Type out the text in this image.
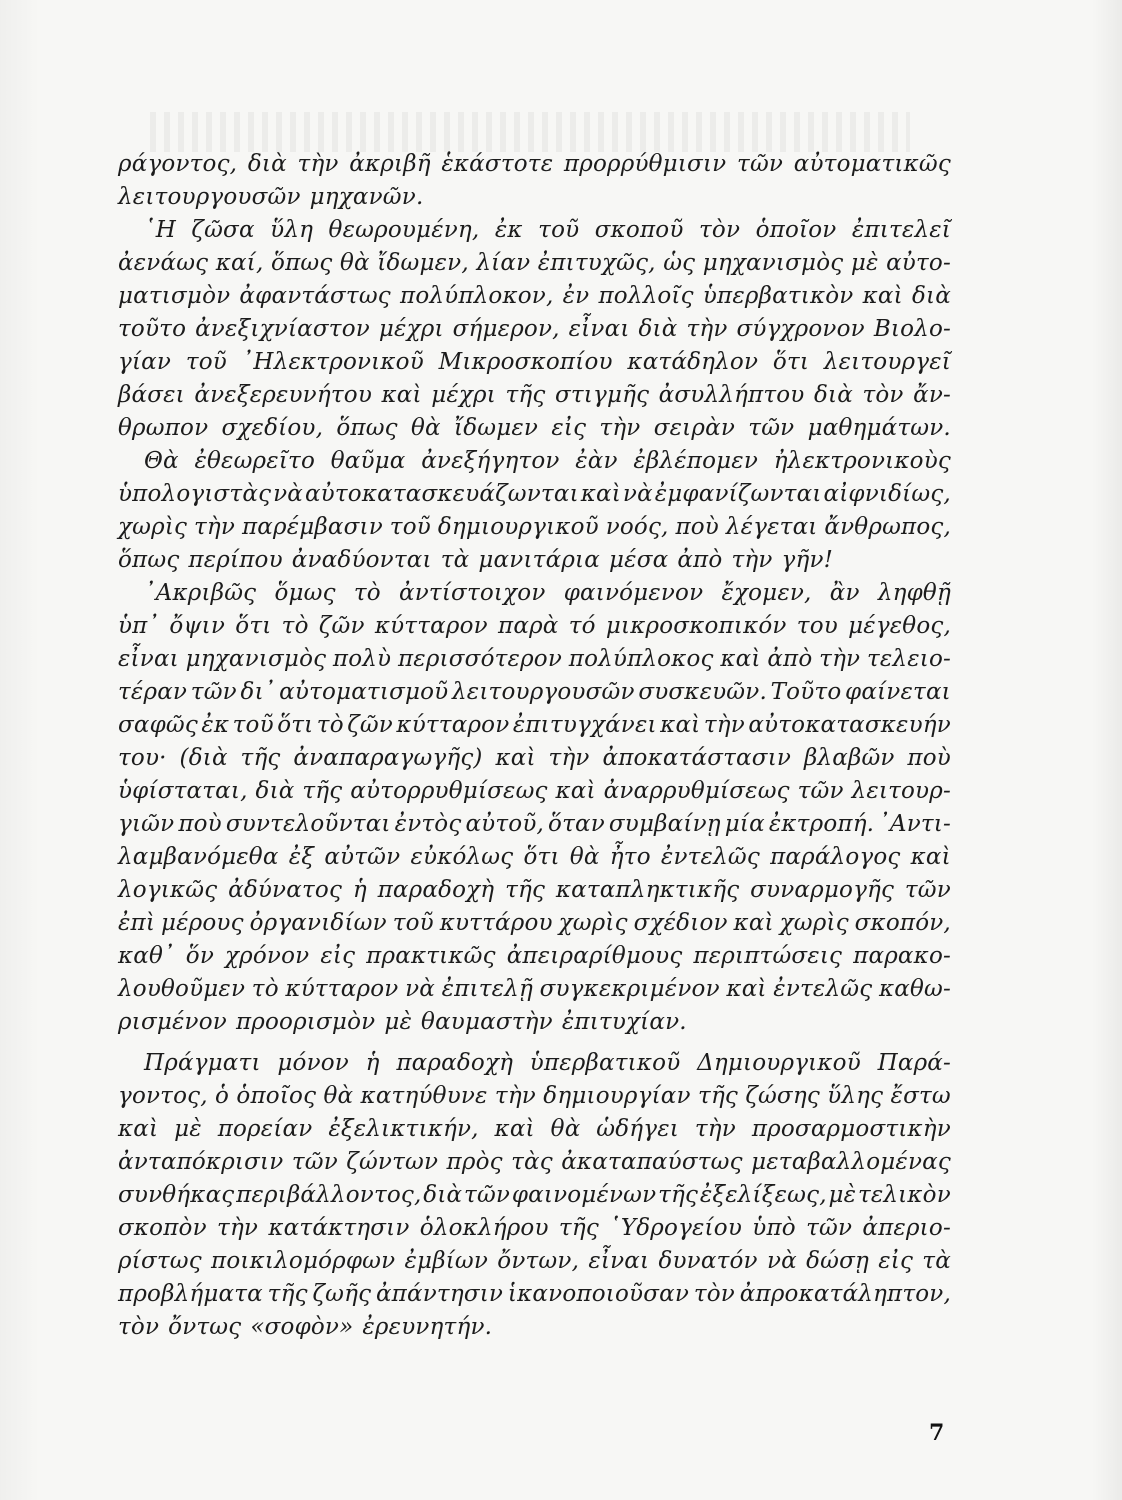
ράγοντος, διὰ τὴν ἀκριβῆ ἑκάστοτε προρρύθμισιν τῶν αὐτοματικῶς
λειτουργουσῶν μηχανῶν.
῾Η ζῶσα ὕλη θεωρουμένη, ἐκ τοῦ σκοποῦ τὸν ὁποῖον ἐπιτελεῖ
ἀενάως καί, ὅπως θὰ ἴδωμεν, λίαν ἐπιτυχῶς, ὡς μηχανισμὸς μὲ αὐτο-
ματισμὸν ἀφαντάστως πολύπλοκον, ἐν πολλοῖς ὑπερβατικὸν καὶ διὰ
τοῦτο ἀνεξιχνίαστον μέχρι σήμερον, εἶναι διὰ τὴν σύγχρονον Βιολο-
γίαν τοῦ ᾿Ηλεκτρονικοῦ Μικροσκοπίου κατάδηλον ὅτι λειτουργεῖ
βάσει ἀνεξερευνήτου καὶ μέχρι τῆς στιγμῆς ἀσυλλήπτου διὰ τὸν ἄν-
θρωπον σχεδίου, ὅπως θὰ ἴδωμεν εἰς τὴν σειρὰν τῶν μαθημάτων.
Θὰ ἐθεωρεῖτο θαῦμα ἀνεξήγητον ἐὰν ἐβλέπομεν ἠλεκτρονικοὺς
ὑπολογιστὰς νὰ αὐτοκατασκευάζωνται καὶ νὰ ἐμφανίζωνται αἰφνιδίως,
χωρὶς τὴν παρέμβασιν τοῦ δημιουργικοῦ νοός, ποὺ λέγεται ἄνθρωπος,
ὅπως περίπου ἀναδύονται τὰ μανιτάρια μέσα ἀπὸ τὴν γῆν!
᾿Ακριβῶς ὅμως τὸ ἀντίστοιχον φαινόμενον ἔχομεν, ἂν ληφθῇ
ὑπ᾿ ὄψιν ὅτι τὸ ζῶν κύτταρον παρὰ τό μικροσκοπικόν του μέγεθος,
εἶναι μηχανισμὸς πολὺ περισσότερον πολύπλοκος καὶ ἀπὸ τὴν τελειο-
τέραν τῶν δι᾿ αὐτοματισμοῦ λειτουργουσῶν συσκευῶν. Τοῦτο φαίνεται
σαφῶς ἐκ τοῦ ὅτι τὸ ζῶν κύτταρον ἐπιτυγχάνει καὶ τὴν αὐτοκατασκευήν
του· (διὰ τῆς ἀναπαραγωγῆς) καὶ τὴν ἀποκατάστασιν βλαβῶν ποὺ
ὑφίσταται, διὰ τῆς αὐτορρυθμίσεως καὶ ἀναρρυθμίσεως τῶν λειτουρ-
γιῶν ποὺ συντελοῦνται ἐντὸς αὐτοῦ, ὅταν συμβαίνῃ μία ἐκτροπή. ᾿Αντι-
λαμβανόμεθα ἐξ αὐτῶν εὐκόλως ὅτι θὰ ἦτο ἐντελῶς παράλογος καὶ
λογικῶς ἀδύνατος ἡ παραδοχὴ τῆς καταπληκτικῆς συναρμογῆς τῶν
ἐπὶ μέρους ὀργανιδίων τοῦ κυττάρου χωρὶς σχέδιον καὶ χωρὶς σκοπόν,
καθ᾿ ὅν χρόνον εἰς πρακτικῶς ἀπειραρίθμους περιπτώσεις παρακο-
λουθοῦμεν τὸ κύτταρον νὰ ἐπιτελῇ συγκεκριμένον καὶ ἐντελῶς καθω-
ρισμένον προορισμὸν μὲ θαυμαστὴν ἐπιτυχίαν.
Πράγματι μόνον ἡ παραδοχὴ ὑπερβατικοῦ Δημιουργικοῦ Παρά-
γοντος, ὁ ὁποῖος θὰ κατηύθυνε τὴν δημιουργίαν τῆς ζώσης ὕλης ἔστω
καὶ μὲ πορείαν ἐξελικτικήν, καὶ θὰ ὡδήγει τὴν προσαρμοστικὴν
ἀνταπόκρισιν τῶν ζώντων πρὸς τὰς ἀκαταπαύστως μεταβαλλομένας
συνθήκας περιβάλλοντος, διὰ τῶν φαινομένων τῆς ἐξελίξεως, μὲ τελικὸν
σκοπὸν τὴν κατάκτησιν ὁλοκλήρου τῆς ῾Υδρογείου ὑπὸ τῶν ἀπεριο-
ρίστως ποικιλομόρφων ἐμβίων ὄντων, εἶναι δυνατόν νὰ δώσῃ εἰς τὰ
προβλήματα τῆς ζωῆς ἀπάντησιν ἱκανοποιοῦσαν τὸν ἀπροκατάληπτον,
τὸν ὄντως «σοφὸν» ἐρευνητήν.
7
